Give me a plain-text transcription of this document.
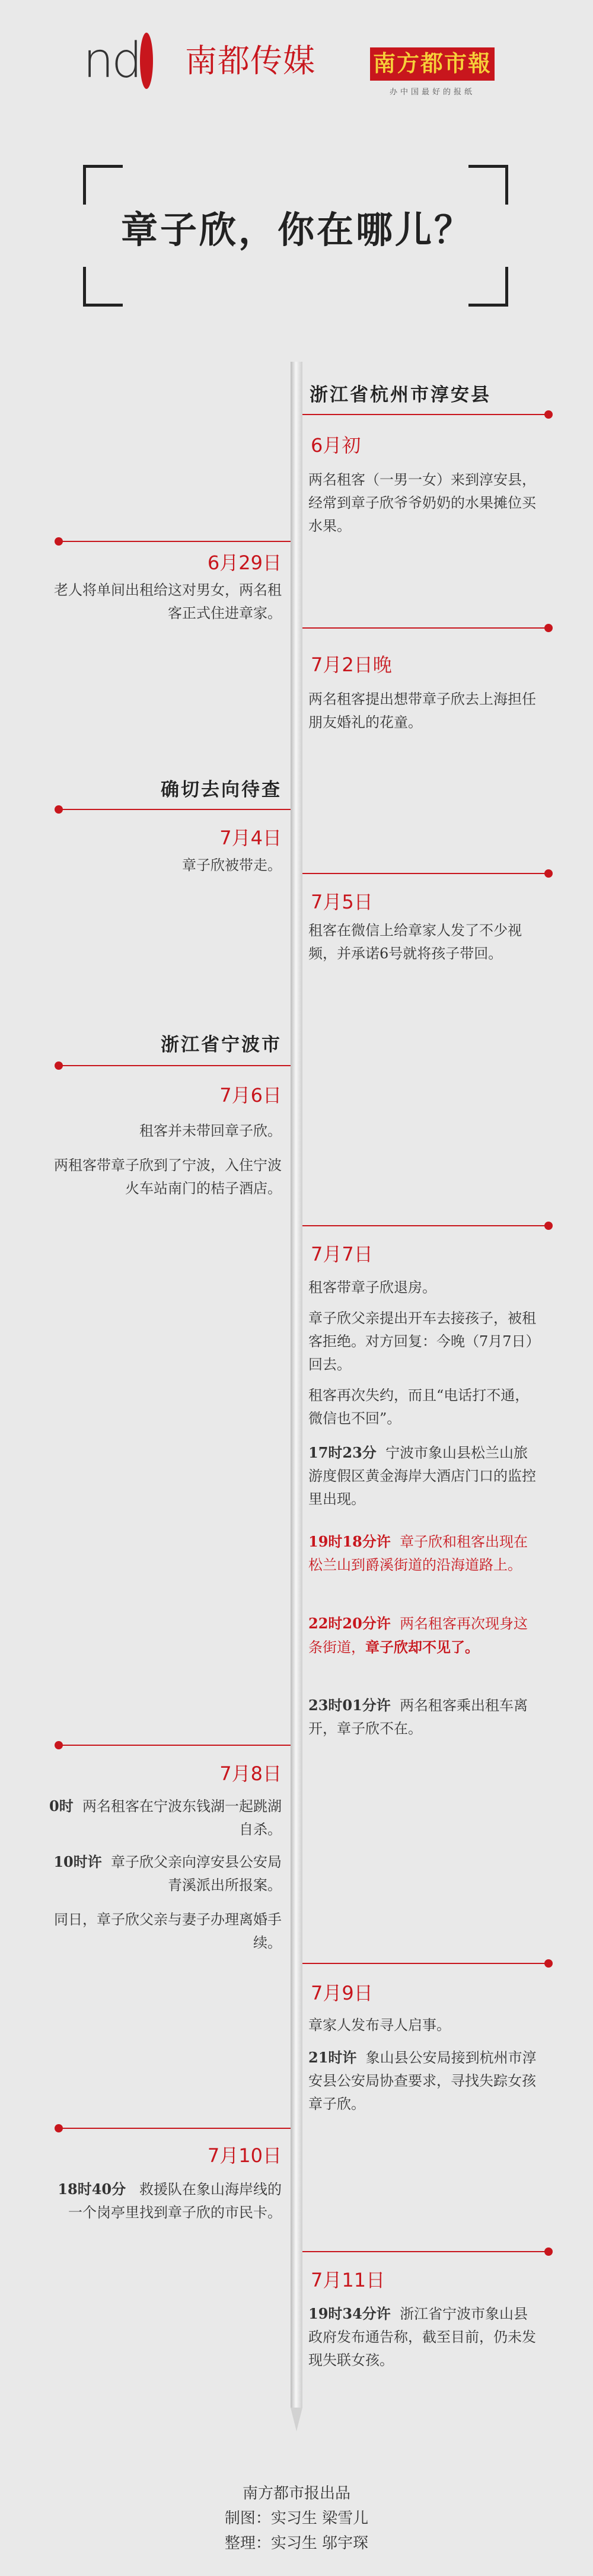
nd. 南都传媒	南方都市報
办中国最好的报纸
章子欣，你在哪儿？
浙江省杭州市淳安县
6月初
两名租客（一男一女）来到淳安县，经常到章子欣爷爷奶奶的水果摊位买水果。
6月29日
老人将单间出租给这对男女，两名租客正式住进章家。
7月2日晚
两名租客提出想带章子欣去上海担任朋友婚礼的花童。
确切去向待查
7月4日
章子欣被带走。
7月5日
租客在微信上给章家人发了不少视频，并承诺6号就将孩子带回。
浙江省宁波市
7月6日
租客并未带回章子欣。
两租客带章子欣到了宁波，入住宁波火车站南门的桔子酒店。
7月7日
租客带章子欣退房。
章子欣父亲提出开车去接孩子，被租客拒绝。对方回复：今晚（7月7日）回去。
租客再次失约，而且“电话打不通，微信也不回”。
17时23分 宁波市象山县松兰山旅游度假区黄金海岸大酒店门口的监控里出现。
19时18分许 章子欣和租客出现在松兰山到爵溪街道的沿海道路上。
22时20分许 两名租客再次现身这条街道，章子欣却不见了。
23时01分许 两名租客乘出租车离开，章子欣不在。
7月8日
0时 两名租客在宁波东钱湖一起跳湖自杀。
10时许 章子欣父亲向淳安县公安局青溪派出所报案。
同日，章子欣父亲与妻子办理离婚手续。
7月9日
章家人发布寻人启事。
21时许 象山县公安局接到杭州市淳安县公安局协查要求，寻找失踪女孩章子欣。
7月10日
18时40分 救援队在象山海岸线的一个岗亭里找到章子欣的市民卡。
7月11日
19时34分许 浙江省宁波市象山县政府发布通告称，截至目前，仍未发现失联女孩。
南方都市报出品
制图：实习生 梁雪儿
整理：实习生 邬宇琛
